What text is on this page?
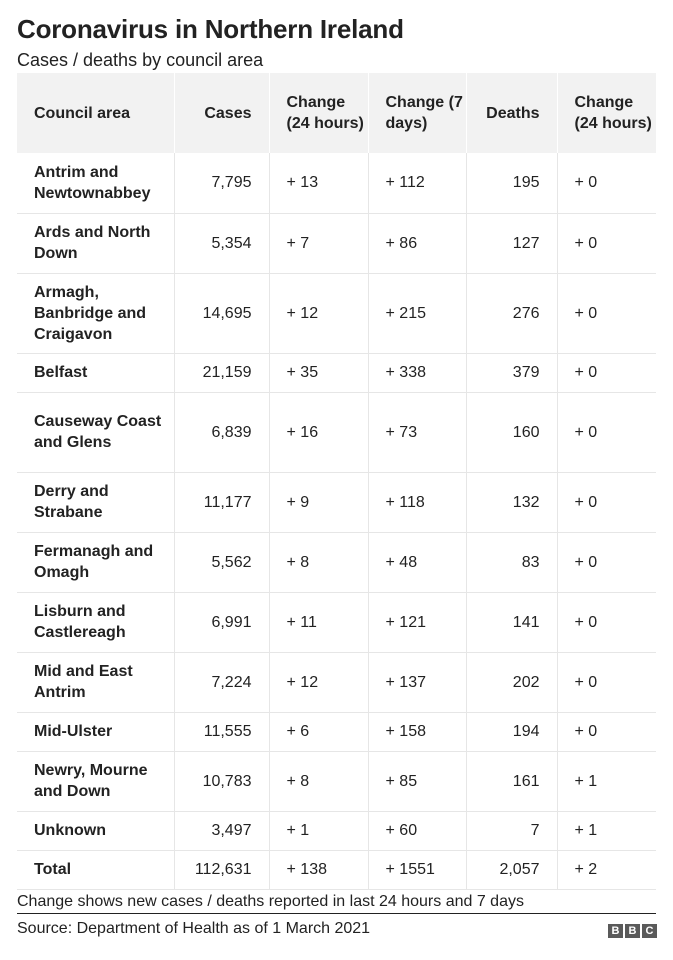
Coronavirus in Northern Ireland
Cases / deaths by council area
Council area	Cases	Change (24 hours)	Change (7 days)	Deaths	Change (24 hours)
Antrim and Newtownabbey	7,795	+ 13	+ 112	195	+ 0
Ards and North Down	5,354	+ 7	+ 86	127	+ 0
Armagh, Banbridge and Craigavon	14,695	+ 12	+ 215	276	+ 0
Belfast	21,159	+ 35	+ 338	379	+ 0
Causeway Coast and Glens	6,839	+ 16	+ 73	160	+ 0
Derry and Strabane	11,177	+ 9	+ 118	132	+ 0
Fermanagh and Omagh	5,562	+ 8	+ 48	83	+ 0
Lisburn and Castlereagh	6,991	+ 11	+ 121	141	+ 0
Mid and East Antrim	7,224	+ 12	+ 137	202	+ 0
Mid-Ulster	11,555	+ 6	+ 158	194	+ 0
Newry, Mourne and Down	10,783	+ 8	+ 85	161	+ 1
Unknown	3,497	+ 1	+ 60	7	+ 1
Total	112,631	+ 138	+ 1551	2,057	+ 2
Change shows new cases / deaths reported in last 24 hours and 7 days
Source: Department of Health as of 1 March 2021	B B C
